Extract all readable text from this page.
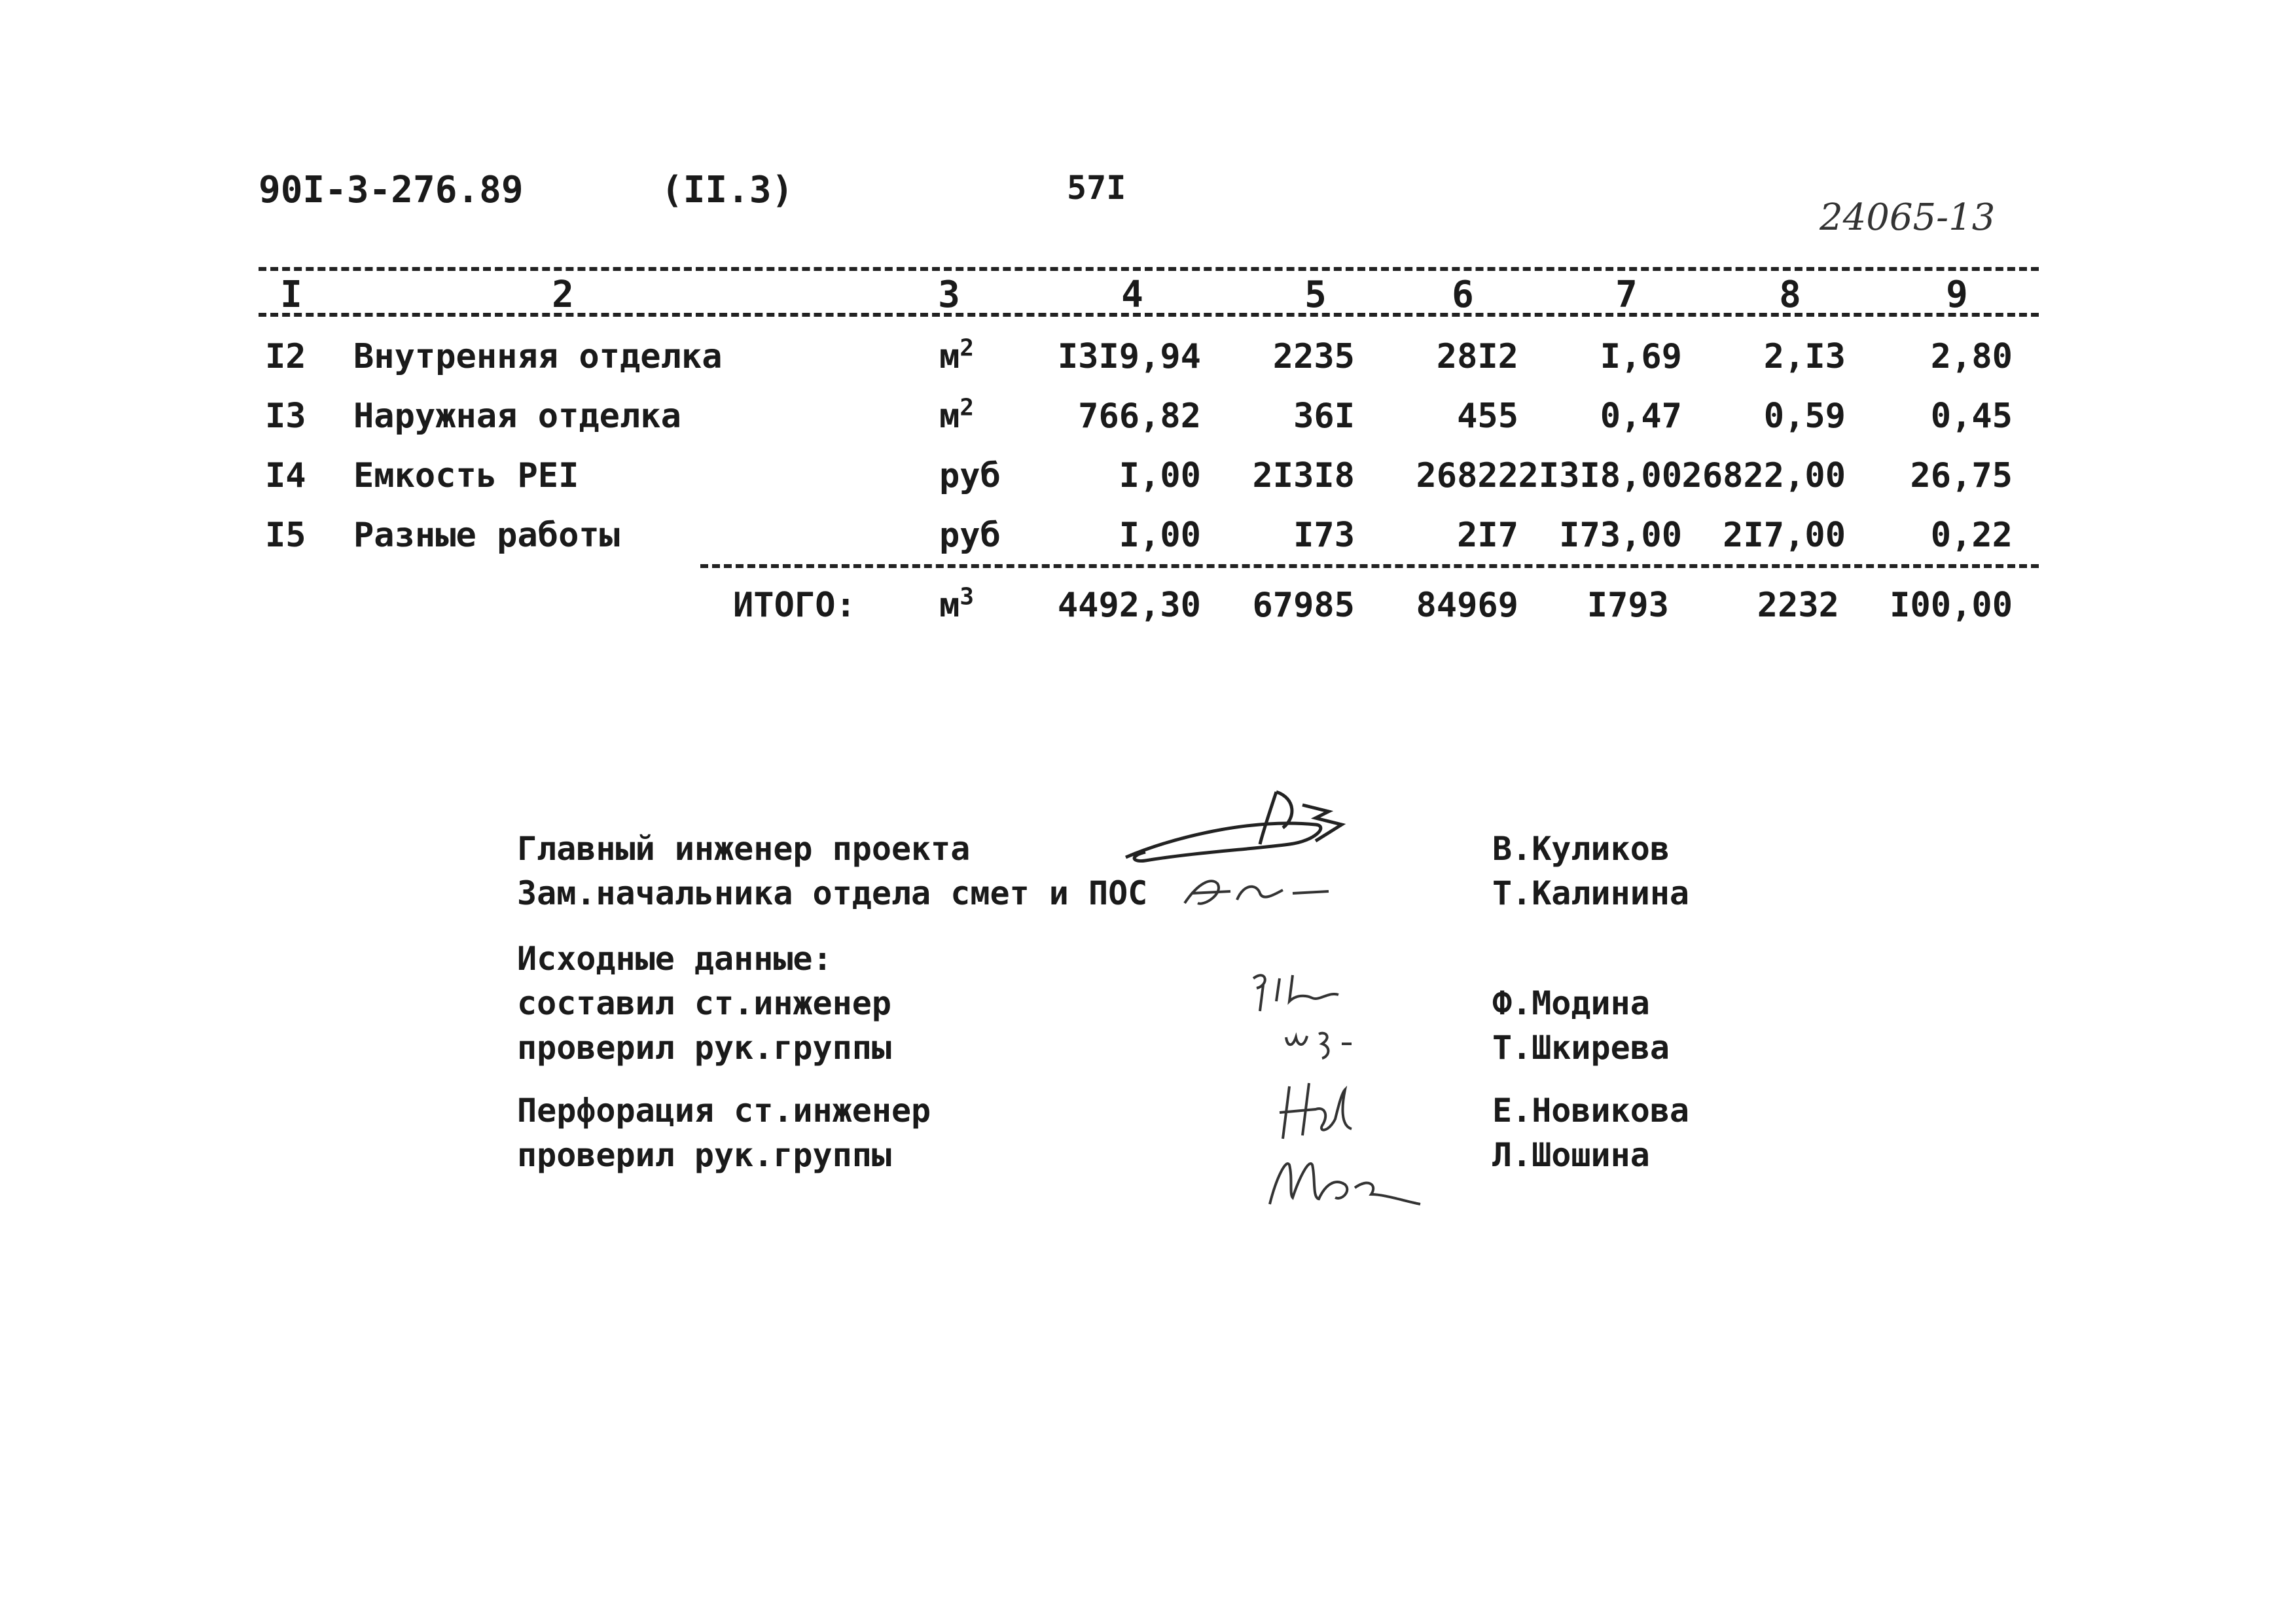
90I-3-276.89	(II.3)	57I
24065-13
I	2	3	4	5	6	7	8	9
I2 Внутренняя отделка	$м^2$ I3I9,94 2235 28I2 I,69 2,I3 2,80
I3 Наружная отделка	$м^2$	766,82	36I	455 0,47 0,59 0,45
I4 Емкость РЕI	руб	I,00 2I3I8 26822 2I3I8,00 26822,00 26,75
I5 Разные работы	руб	I,00	I73	2I7 I73,00 2I7,00 0,22
ИТОГО: $м^3$ 4492,30 67985 84969 I793	2232 I00,00
Главный инженер проекта	В.Куликов
Зам.начальника отдела смет и ПОС	Т.Калинина
Исходные данные:
составил ст.инженер	Ф.Модина
проверил рук.группы	Т.Шкирева
Перфорация ст.инженер	Е.Новикова
проверил рук.группы	Л.Шошина
